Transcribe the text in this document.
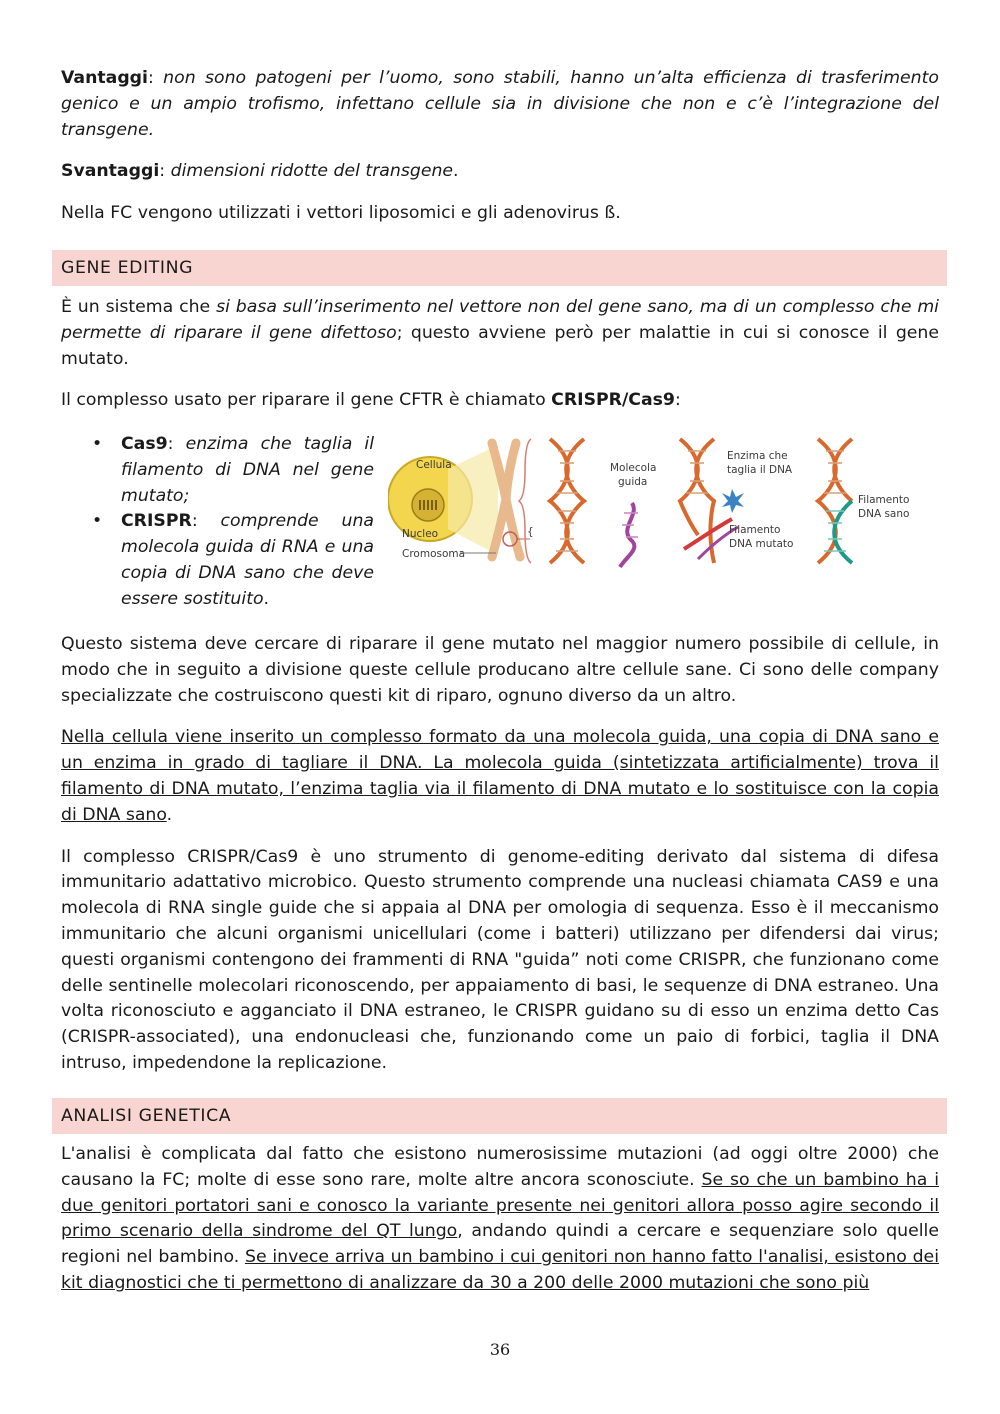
Vantaggi: non sono patogeni per l’uomo, sono stabili, hanno un’alta efficienza di trasferimento genico e un ampio trofismo, infettano cellule sia in divisione che non e c’è l’integrazione del transgene.

Svantaggi: dimensioni ridotte del transgene.

Nella FC vengono utilizzati i vettori liposomici e gli adenovirus ß.

GENE EDITING

È un sistema che si basa sull’inserimento nel vettore non del gene sano, ma di un complesso che mi permette di riparare il gene difettoso; questo avviene però per malattie in cui si conosce il gene mutato.

Il complesso usato per riparare il gene CFTR è chiamato CRISPR/Cas9:

• Cas9: enzima che taglia il filamento di DNA nel gene mutato;
• CRISPR: comprende una molecola guida di RNA e una copia di DNA sano che deve essere sostituito.
{
Molecola
guida
Enzima che
taglia il DNA
Filamento
DNA mutato
Filamento
DNA sano
Cellula
Nucleo
Cromosoma

Questo sistema deve cercare di riparare il gene mutato nel maggior numero possibile di cellule, in modo che in seguito a divisione queste cellule producano altre cellule sane. Ci sono delle company specializzate che costruiscono questi kit di riparo, ognuno diverso da un altro.

Nella cellula viene inserito un complesso formato da una molecola guida, una copia di DNA sano e un enzima in grado di tagliare il DNA. La molecola guida (sintetizzata artificialmente) trova il filamento di DNA mutato, l’enzima taglia via il filamento di DNA mutato e lo sostituisce con la copia di DNA sano.

Il complesso CRISPR/Cas9 è uno strumento di genome-editing derivato dal sistema di difesa immunitario adattativo microbico. Questo strumento comprende una nucleasi chiamata CAS9 e una molecola di RNA single guide che si appaia al DNA per omologia di sequenza. Esso è il meccanismo immunitario che alcuni organismi unicellulari (come i batteri) utilizzano per difendersi dai virus; questi organismi contengono dei frammenti di RNA "guida” noti come CRISPR, che funzionano come delle sentinelle molecolari riconoscendo, per appaiamento di basi, le sequenze di DNA estraneo. Una volta riconosciuto e agganciato il DNA estraneo, le CRISPR guidano su di esso un enzima detto Cas (CRISPR-associated), una endonucleasi che, funzionando come un paio di forbici, taglia il DNA intruso, impedendone la replicazione.

ANALISI GENETICA

L'analisi è complicata dal fatto che esistono numerosissime mutazioni (ad oggi oltre 2000) che causano la FC; molte di esse sono rare, molte altre ancora sconosciute. Se so che un bambino ha i due genitori portatori sani e conosco la variante presente nei genitori allora posso agire secondo il primo scenario della sindrome del QT lungo, andando quindi a cercare e sequenziare solo quelle regioni nel bambino. Se invece arriva un bambino i cui genitori non hanno fatto l'analisi, esistono dei kit diagnostici che ti permettono di analizzare da 30 a 200 delle 2000 mutazioni che sono più

36
